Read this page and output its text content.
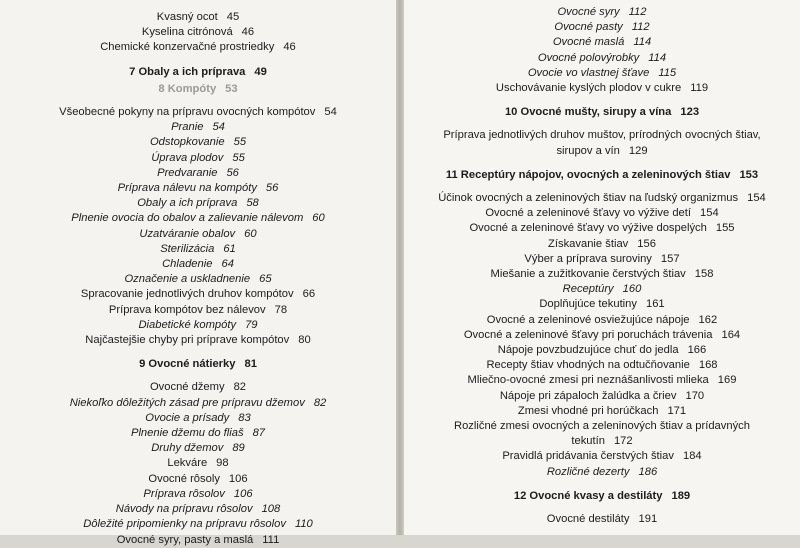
Kvasný ocot 45
Kyselina citrónová 46
Chemické konzervačné prostriedky 46
7 Obaly a ich príprava 49
8 Kompóty 53
Všeobecné pokyny na prípravu ovocných kompótov 54
Pranie 54
Odstopkovanie 55
Úprava plodov 55
Predvaranie 56
Príprava nálevu na kompóty 56
Obaly a ich príprava 58
Plnenie ovocia do obalov a zalievanie nálevom 60
Uzatváranie obalov 60
Sterilizácia 61
Chladenie 64
Označenie a uskladnenie 65
Spracovanie jednotlivých druhov kompótov 66
Príprava kompótov bez nálevov 78
Diabetické kompóty 79
Najčastejšie chyby pri príprave kompótov 80
9 Ovocné nátierky 81
Ovocné džemy 82
Niekoľko dôležitých zásad pre prípravu džemov 82
Ovocie a prísady 83
Plnenie džemu do fliaš 87
Druhy džemov 89
Lekváre 98
Ovocné rôsoly 106
Príprava rôsolov 106
Návody na prípravu rôsolov 108
Dôležité pripomienky na prípravu rôsolov 110
Ovocné syry, pasty a maslá 111
Ovocné syry 112
Ovocné pasty 112
Ovocné maslá 114
Ovocné polovýrobky 114
Ovocie vo vlastnej šťave 115
Uschovávanie kyslých plodov v cukre 119
10 Ovocné mušty, sirupy a vína 123
Príprava jednotlivých druhov muštov, prírodných ovocných štiav,
sirupov a vín 129
11 Receptúry nápojov, ovocných a zeleninových štiav 153
Účinok ovocných a zeleninových štiav na ľudský organizmus 154
Ovocné a zeleninové šťavy vo výžive detí 154
Ovocné a zeleninové šťavy vo výžive dospelých 155
Získavanie štiav 156
Výber a príprava suroviny 157
Miešanie a zužitkovanie čerstvých štiav 158
Receptúry 160
Doplňujúce tekutiny 161
Ovocné a zeleninové osviežujúce nápoje 162
Ovocné a zeleninové šťavy pri poruchách trávenia 164
Nápoje povzbudzujúce chuť do jedla 166
Recepty štiav vhodných na odtučňovanie 168
Mliečno-ovocné zmesi pri neznášanlivosti mlieka 169
Nápoje pri zápaloch žalúdka a čriev 170
Zmesi vhodné pri horúčkach 171
Rozličné zmesi ovocných a zeleninových štiav a prídavných tekutín 172
Pravidlá pridávania čerstvých štiav 184
Rozličné dezerty 186
12 Ovocné kvasy a destiláty 189
Ovocné destiláty 191
